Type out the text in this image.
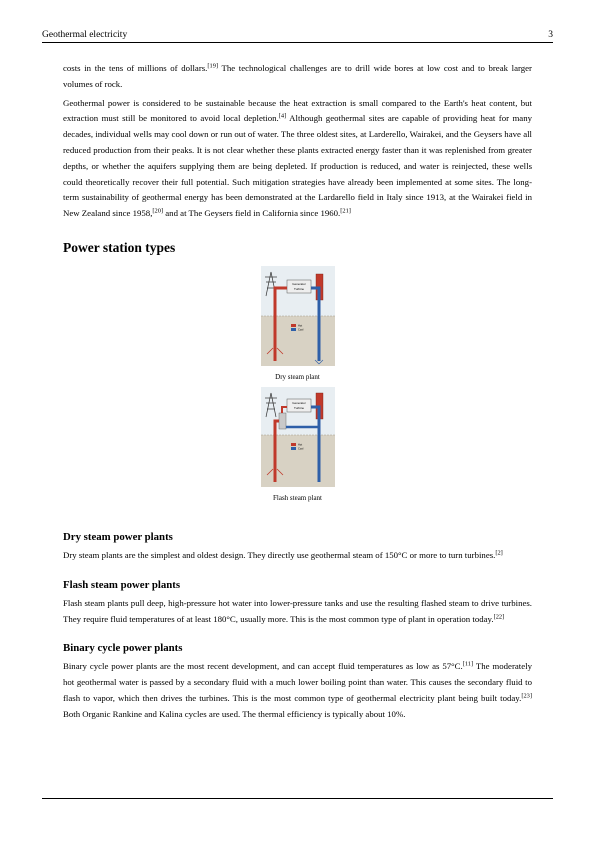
Geothermal electricity	3

costs in the tens of millions of dollars.[19] The technological challenges are to drill wide bores at low cost and to break larger volumes of rock.

Geothermal power is considered to be sustainable because the heat extraction is small compared to the Earth's heat content, but extraction must still be monitored to avoid local depletion.[4] Although geothermal sites are capable of providing heat for many decades, individual wells may cool down or run out of water. The three oldest sites, at Larderello, Wairakei, and the Geysers have all reduced production from their peaks. It is not clear whether these plants extracted energy faster than it was replenished from greater depths, or whether the aquifers supplying them are being depleted. If production is reduced, and water is reinjected, these wells could theoretically recover their full potential. Such mitigation strategies have already been implemented at some sites. The long-term sustainability of geothermal energy has been demonstrated at the Lardarello field in Italy since 1913, at the Wairakei field in New Zealand since 1958,[20] and at The Geysers field in California since 1960.[21]

Power station types
Generator
Turbine
Hot
Cool
Dry steam plant
Generator
Turbine
Hot
Cool
Flash steam plant
Dry steam power plants

Dry steam plants are the simplest and oldest design. They directly use geothermal steam of 150°C or more to turn turbines.[2]

Flash steam power plants

Flash steam plants pull deep, high-pressure hot water into lower-pressure tanks and use the resulting flashed steam to drive turbines. They require fluid temperatures of at least 180°C, usually more. This is the most common type of plant in operation today.[22]

Binary cycle power plants

Binary cycle power plants are the most recent development, and can accept fluid temperatures as low as 57°C.[11] The moderately hot geothermal water is passed by a secondary fluid with a much lower boiling point than water. This causes the secondary fluid to flash to vapor, which then drives the turbines. This is the most common type of geothermal electricity plant being built today.[23] Both Organic Rankine and Kalina cycles are used. The thermal efficiency is typically about 10%.
